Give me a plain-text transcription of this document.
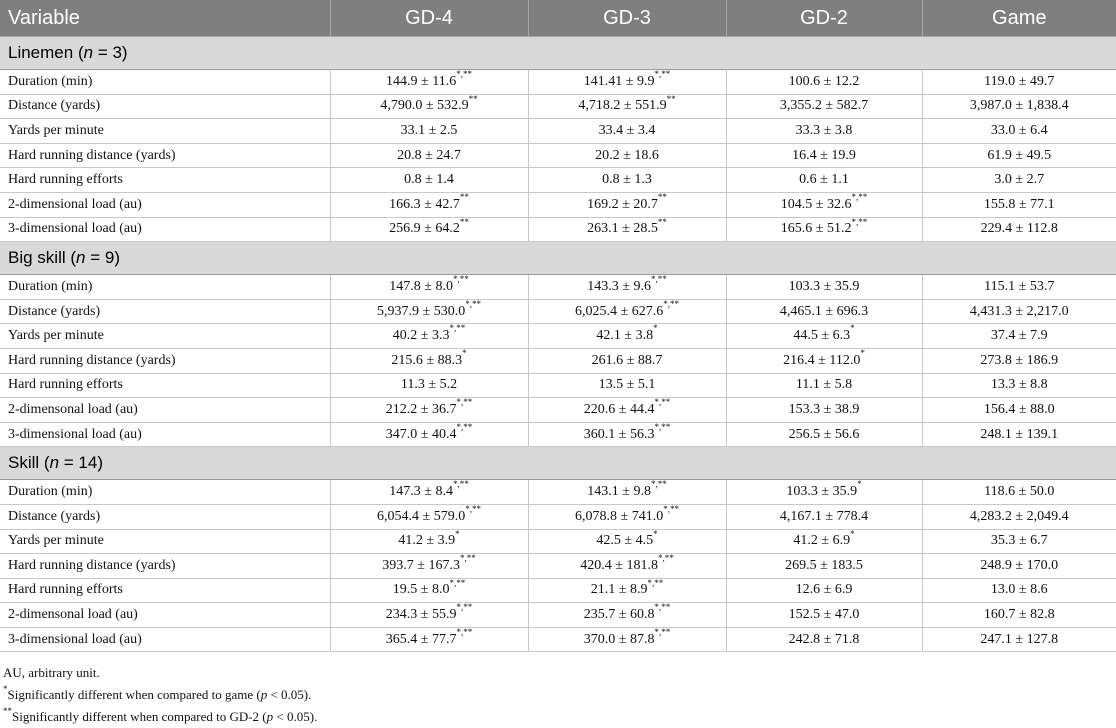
Variable	GD-4	GD-3	GD-2	Game
Linemen (n = 3)				
Duration (min)	144.9 ± 11.6*,**	141.41 ± 9.9*,**	100.6 ± 12.2	119.0 ± 49.7
Distance (yards)	4,790.0 ± 532.9**	4,718.2 ± 551.9**	3,355.2 ± 582.7	3,987.0 ± 1,838.4
Yards per minute	33.1 ± 2.5	33.4 ± 3.4	33.3 ± 3.8	33.0 ± 6.4
Hard running distance (yards)	20.8 ± 24.7	20.2 ± 18.6	16.4 ± 19.9	61.9 ± 49.5
Hard running efforts	0.8 ± 1.4	0.8 ± 1.3	0.6 ± 1.1	3.0 ± 2.7
2-dimensional load (au)	166.3 ± 42.7**	169.2 ± 20.7**	104.5 ± 32.6*,**	155.8 ± 77.1
3-dimensional load (au)	256.9 ± 64.2**	263.1 ± 28.5**	165.6 ± 51.2*,**	229.4 ± 112.8
Big skill (n = 9)				
Duration (min)	147.8 ± 8.0*,**	143.3 ± 9.6*,**	103.3 ± 35.9	115.1 ± 53.7
Distance (yards)	5,937.9 ± 530.0*,**	6,025.4 ± 627.6*,**	4,465.1 ± 696.3	4,431.3 ± 2,217.0
Yards per minute	40.2 ± 3.3*,**	42.1 ± 3.8*	44.5 ± 6.3*	37.4 ± 7.9
Hard running distance (yards)	215.6 ± 88.3*	261.6 ± 88.7	216.4 ± 112.0*	273.8 ± 186.9
Hard running efforts	11.3 ± 5.2	13.5 ± 5.1	11.1 ± 5.8	13.3 ± 8.8
2-dimensonal load (au)	212.2 ± 36.7*,**	220.6 ± 44.4*,**	153.3 ± 38.9	156.4 ± 88.0
3-dimensional load (au)	347.0 ± 40.4*,**	360.1 ± 56.3*,**	256.5 ± 56.6	248.1 ± 139.1
Skill (n = 14)				
Duration (min)	147.3 ± 8.4*,**	143.1 ± 9.8*,**	103.3 ± 35.9*	118.6 ± 50.0
Distance (yards)	6,054.4 ± 579.0*,**	6,078.8 ± 741.0*,**	4,167.1 ± 778.4	4,283.2 ± 2,049.4
Yards per minute	41.2 ± 3.9*	42.5 ± 4.5*	41.2 ± 6.9*	35.3 ± 6.7
Hard running distance (yards)	393.7 ± 167.3*,**	420.4 ± 181.8*,**	269.5 ± 183.5	248.9 ± 170.0
Hard running efforts	19.5 ± 8.0*,**	21.1 ± 8.9*,**	12.6 ± 6.9	13.0 ± 8.6
2-dimensonal load (au)	234.3 ± 55.9*,**	235.7 ± 60.8*,**	152.5 ± 47.0	160.7 ± 82.8
3-dimensional load (au)	365.4 ± 77.7*,**	370.0 ± 87.8*,**	242.8 ± 71.8	247.1 ± 127.8
AU, arbitrary unit.
*Significantly different when compared to game (p < 0.05).
**Significantly different when compared to GD-2 (p < 0.05).
